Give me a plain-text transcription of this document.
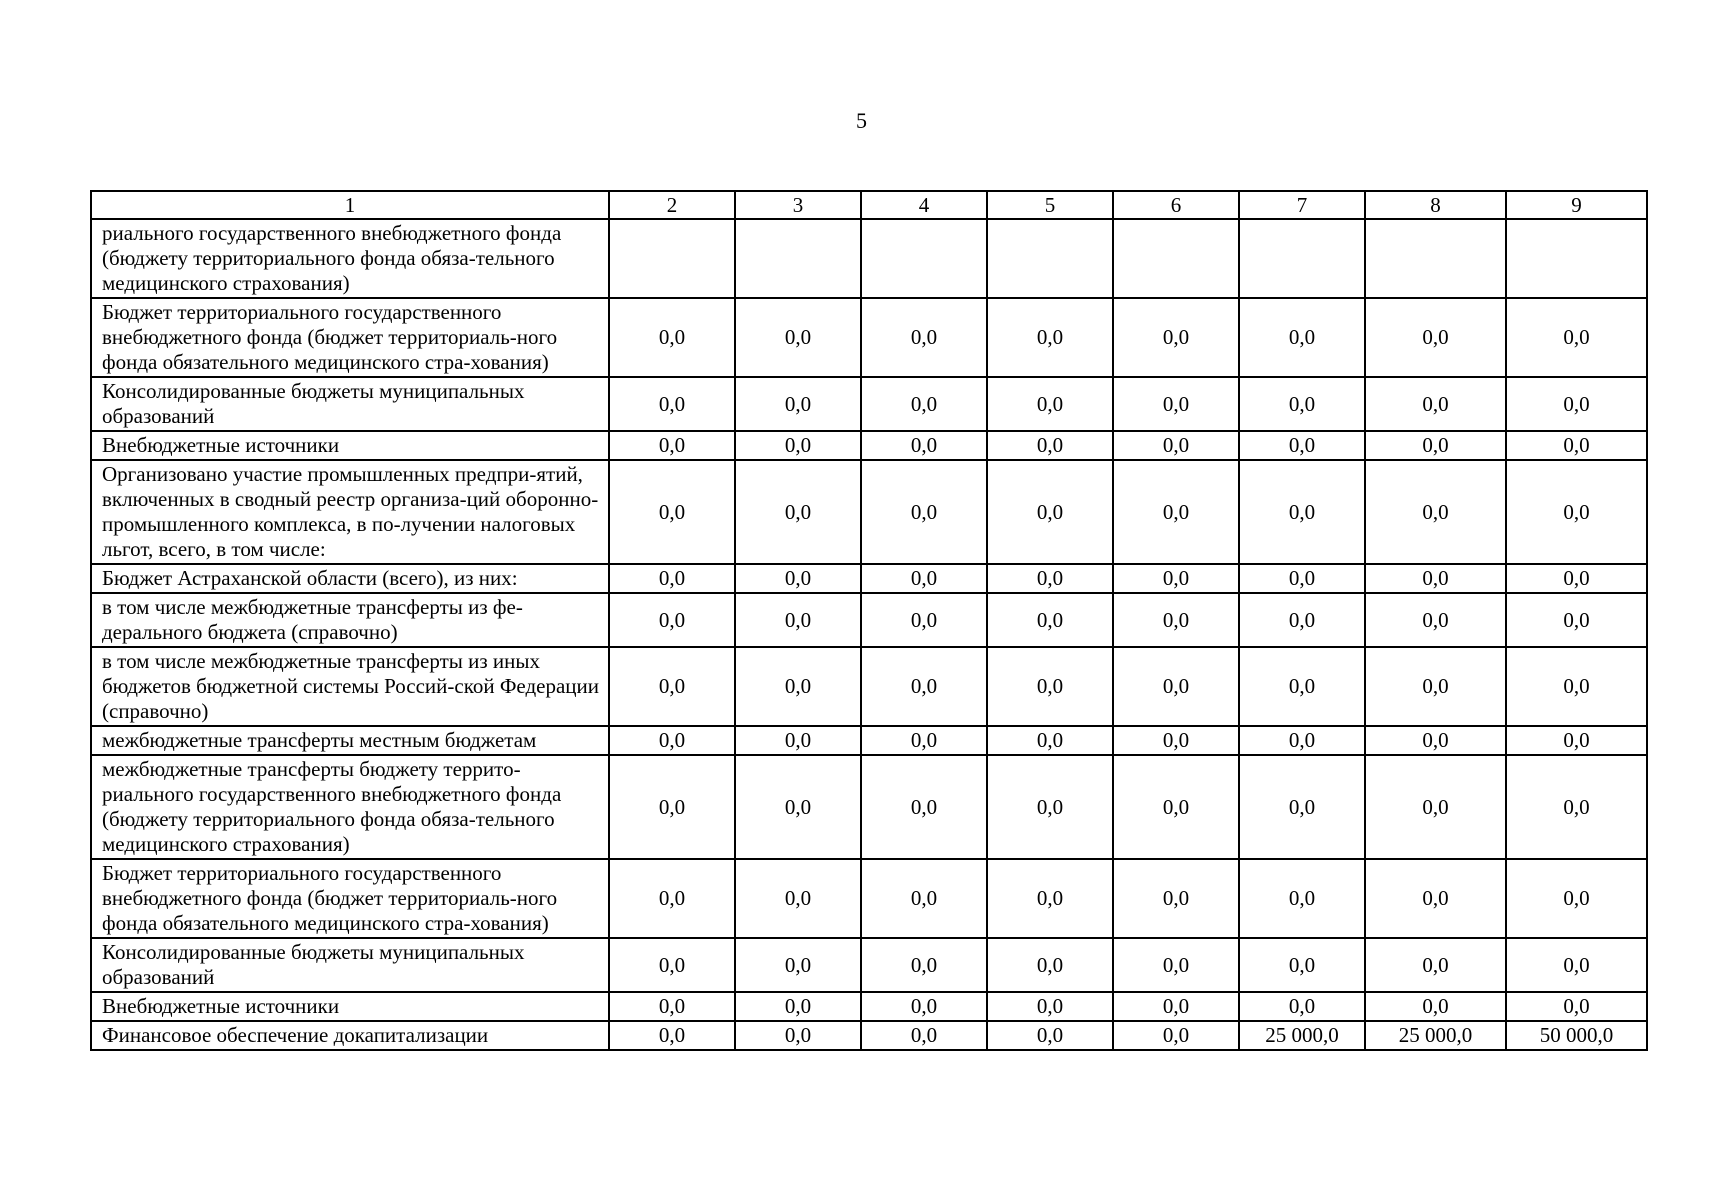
5
1	2	3	4	5	6	7	8	9
риального государственного внебюджетного фонда (бюджету территориального фонда обяза-тельного медицинского страхования)								
Бюджет территориального государственного внебюджетного фонда (бюджет территориаль-ного фонда обязательного медицинского стра-хования)	0,0	0,0	0,0	0,0	0,0	0,0	0,0	0,0
Консолидированные бюджеты муниципальных образований	0,0	0,0	0,0	0,0	0,0	0,0	0,0	0,0
Внебюджетные источники	0,0	0,0	0,0	0,0	0,0	0,0	0,0	0,0
Организовано участие промышленных предпри-ятий, включенных в сводный реестр организа-ций оборонно-промышленного комплекса, в по-лучении налоговых льгот, всего, в том числе:	0,0	0,0	0,0	0,0	0,0	0,0	0,0	0,0
Бюджет Астраханской области (всего), из них:	0,0	0,0	0,0	0,0	0,0	0,0	0,0	0,0
в том числе межбюджетные трансферты из фе-дерального бюджета (справочно)	0,0	0,0	0,0	0,0	0,0	0,0	0,0	0,0
в том числе межбюджетные трансферты из иных бюджетов бюджетной системы Россий-ской Федерации (справочно)	0,0	0,0	0,0	0,0	0,0	0,0	0,0	0,0
межбюджетные трансферты местным бюджетам	0,0	0,0	0,0	0,0	0,0	0,0	0,0	0,0
межбюджетные трансферты бюджету террито-риального государственного внебюджетного фонда (бюджету территориального фонда обяза-тельного медицинского страхования)	0,0	0,0	0,0	0,0	0,0	0,0	0,0	0,0
Бюджет территориального государственного внебюджетного фонда (бюджет территориаль-ного фонда обязательного медицинского стра-хования)	0,0	0,0	0,0	0,0	0,0	0,0	0,0	0,0
Консолидированные бюджеты муниципальных образований	0,0	0,0	0,0	0,0	0,0	0,0	0,0	0,0
Внебюджетные источники	0,0	0,0	0,0	0,0	0,0	0,0	0,0	0,0
Финансовое обеспечение докапитализации	0,0	0,0	0,0	0,0	0,0	25 000,0	25 000,0	50 000,0
